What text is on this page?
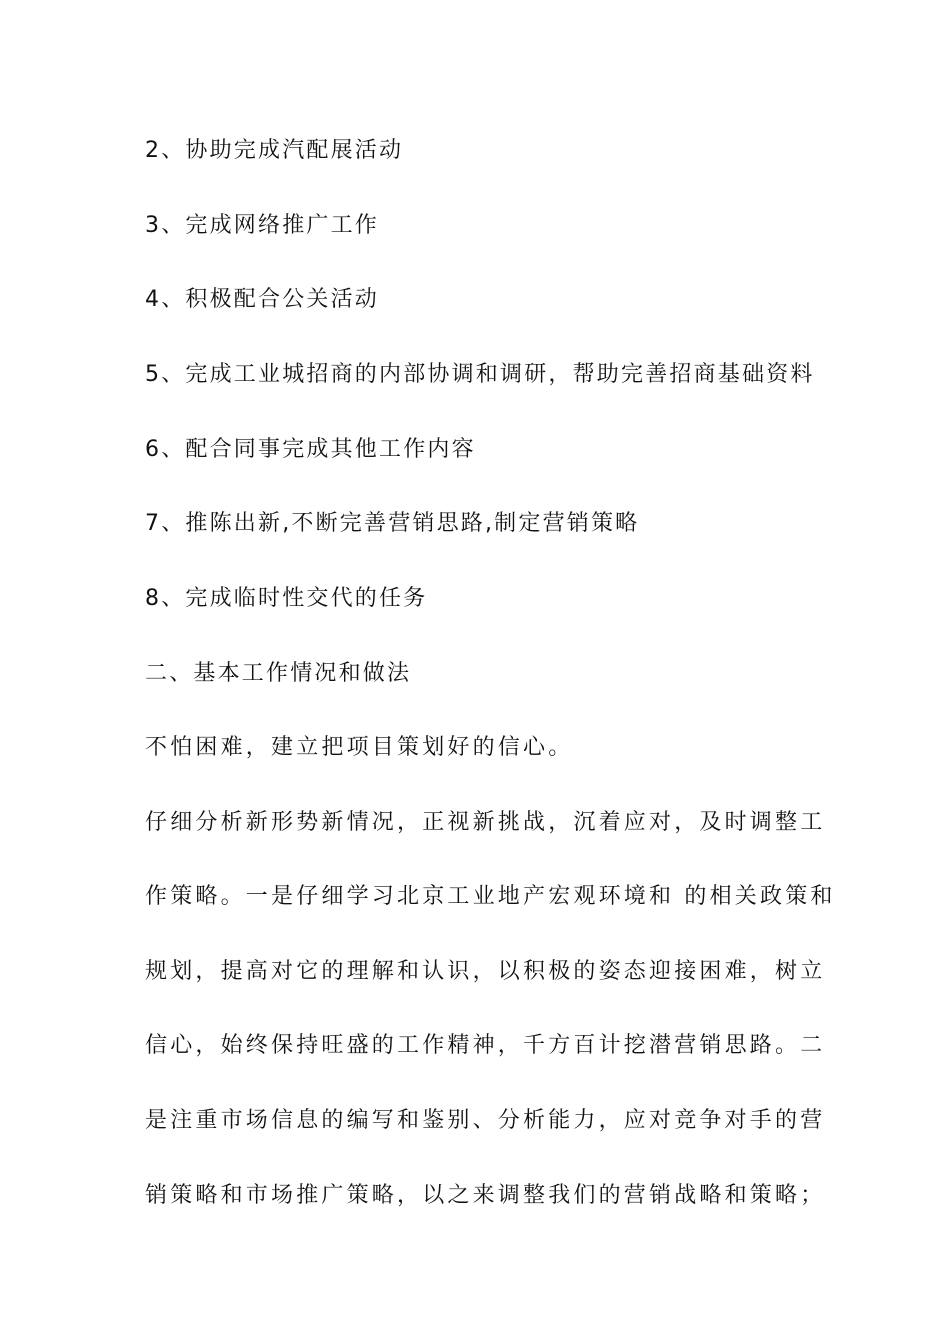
2、协助完成汽配展活动
3、完成网络推广工作
4、积极配合公关活动
5、完成工业城招商的内部协调和调研，帮助完善招商基础资料
6、配合同事完成其他工作内容
7、推陈出新,不断完善营销思路,制定营销策略
8、完成临时性交代的任务
二、基本工作情况和做法
不怕困难，建立把项目策划好的信心。
仔细分析新形势新情况，正视新挑战，沉着应对，及时调整工
作策略。一是仔细学习北京工业地产宏观环境和 的相关政策和
规划，提高对它的理解和认识，以积极的姿态迎接困难，树立
信心，始终保持旺盛的工作精神，千方百计挖潜营销思路。二
是注重市场信息的编写和鉴别、分析能力，应对竞争对手的营
销策略和市场推广策略，以之来调整我们的营销战略和策略；
